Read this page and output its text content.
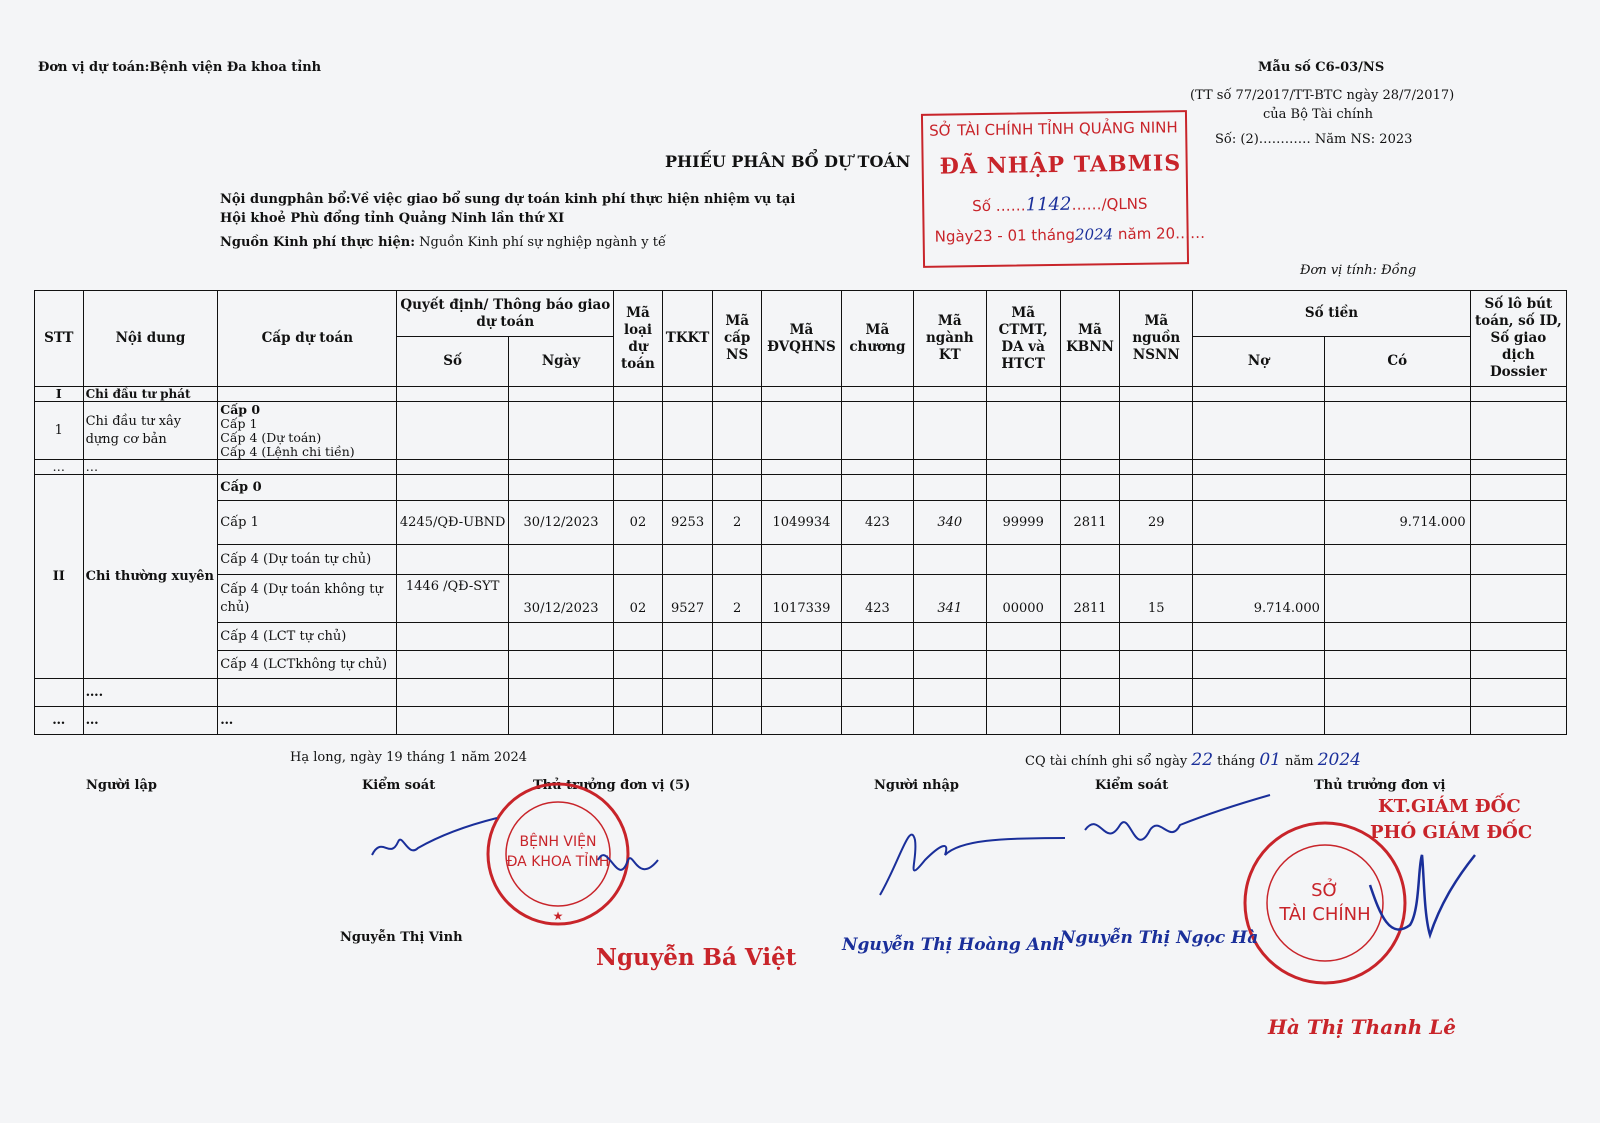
Đơn vị dự toán:Bệnh viện Đa khoa tỉnh	Mẫu số C6-03/NS
(TT số 77/2017/TT-BTC ngày 28/7/2017)
của Bộ Tài chính
Số: (2)………… Năm NS: 2023
PHIẾU PHÂN BỔ DỰ TOÁN
Nội dungphân bổ:Về việc giao bổ sung dự toán kinh phí thực hiện nhiệm vụ tại
Hội khoẻ Phù đổng tỉnh Quảng Ninh lần thứ XI
Nguồn Kinh phí thực hiện: Nguồn Kinh phí sự nghiệp ngành y tế
Đơn vị tính: Đồng
SỞ TÀI CHÍNH TỈNH QUẢNG NINH
ĐÃ NHẬP TABMIS
Số ……1142……/QLNS
Ngày23 - 01 tháng2024 năm 20……
STT	Nội dung	Cấp dự toán	Quyết định/ Thông báo giao dự toán		Mã loại dự toán	TKKT	Mã cấp NS	Mã ĐVQHNS	Mã chương	Mã ngành KT	Mã CTMT, DA và HTCT	Mã KBNN	Mã nguồn NSNN	Số tiền		Số lô bút toán, số ID, Số giao dịch Dossier
			Số	Ngày										Nợ	Có	
I	Chi đầu tư phát															
1	Chi đầu tư xây dựng cơ bản	Cấp 0
Cấp 1
Cấp 4 (Dự toán)
Cấp 4 (Lệnh chi tiền)														

…	…															
II	Chi thường xuyên	Cấp 0														
		Cấp 1	4245/QĐ-UBND	30/12/2023	02	9253	2	1049934	423	340	99999	2811	29		9.714.000	
		Cấp 4 (Dự toán tự chủ)														
		Cấp 4 (Dự toán không tự chủ)	1446 /QĐ-SYT	30/12/2023	02	9527	2	1017339	423	341	00000	2811	15	9.714.000		
		Cấp 4 (LCT tự chủ)														
		Cấp 4 (LCTkhông tự chủ)														
	….															
…	…	…														
Hạ long, ngày 19 tháng 1 năm 2024
Người lập	Kiểm soát	Thủ trưởng đơn vị (5)
BỆNH VIỆN
ĐA KHOA TỈNH
★
Nguyễn Thị Vinh
Nguyễn Bá Việt
CQ tài chính ghi sổ ngày 22 tháng 01 năm 2024
Người nhập	Kiểm soát	Thủ trưởng đơn vị
KT.GIÁM ĐỐC
PHÓ GIÁM ĐỐC
SỞ
TÀI CHÍNH
Nguyễn Thị Hoàng Anh
Nguyễn Thị Ngọc Hà
Hà Thị Thanh Lê
